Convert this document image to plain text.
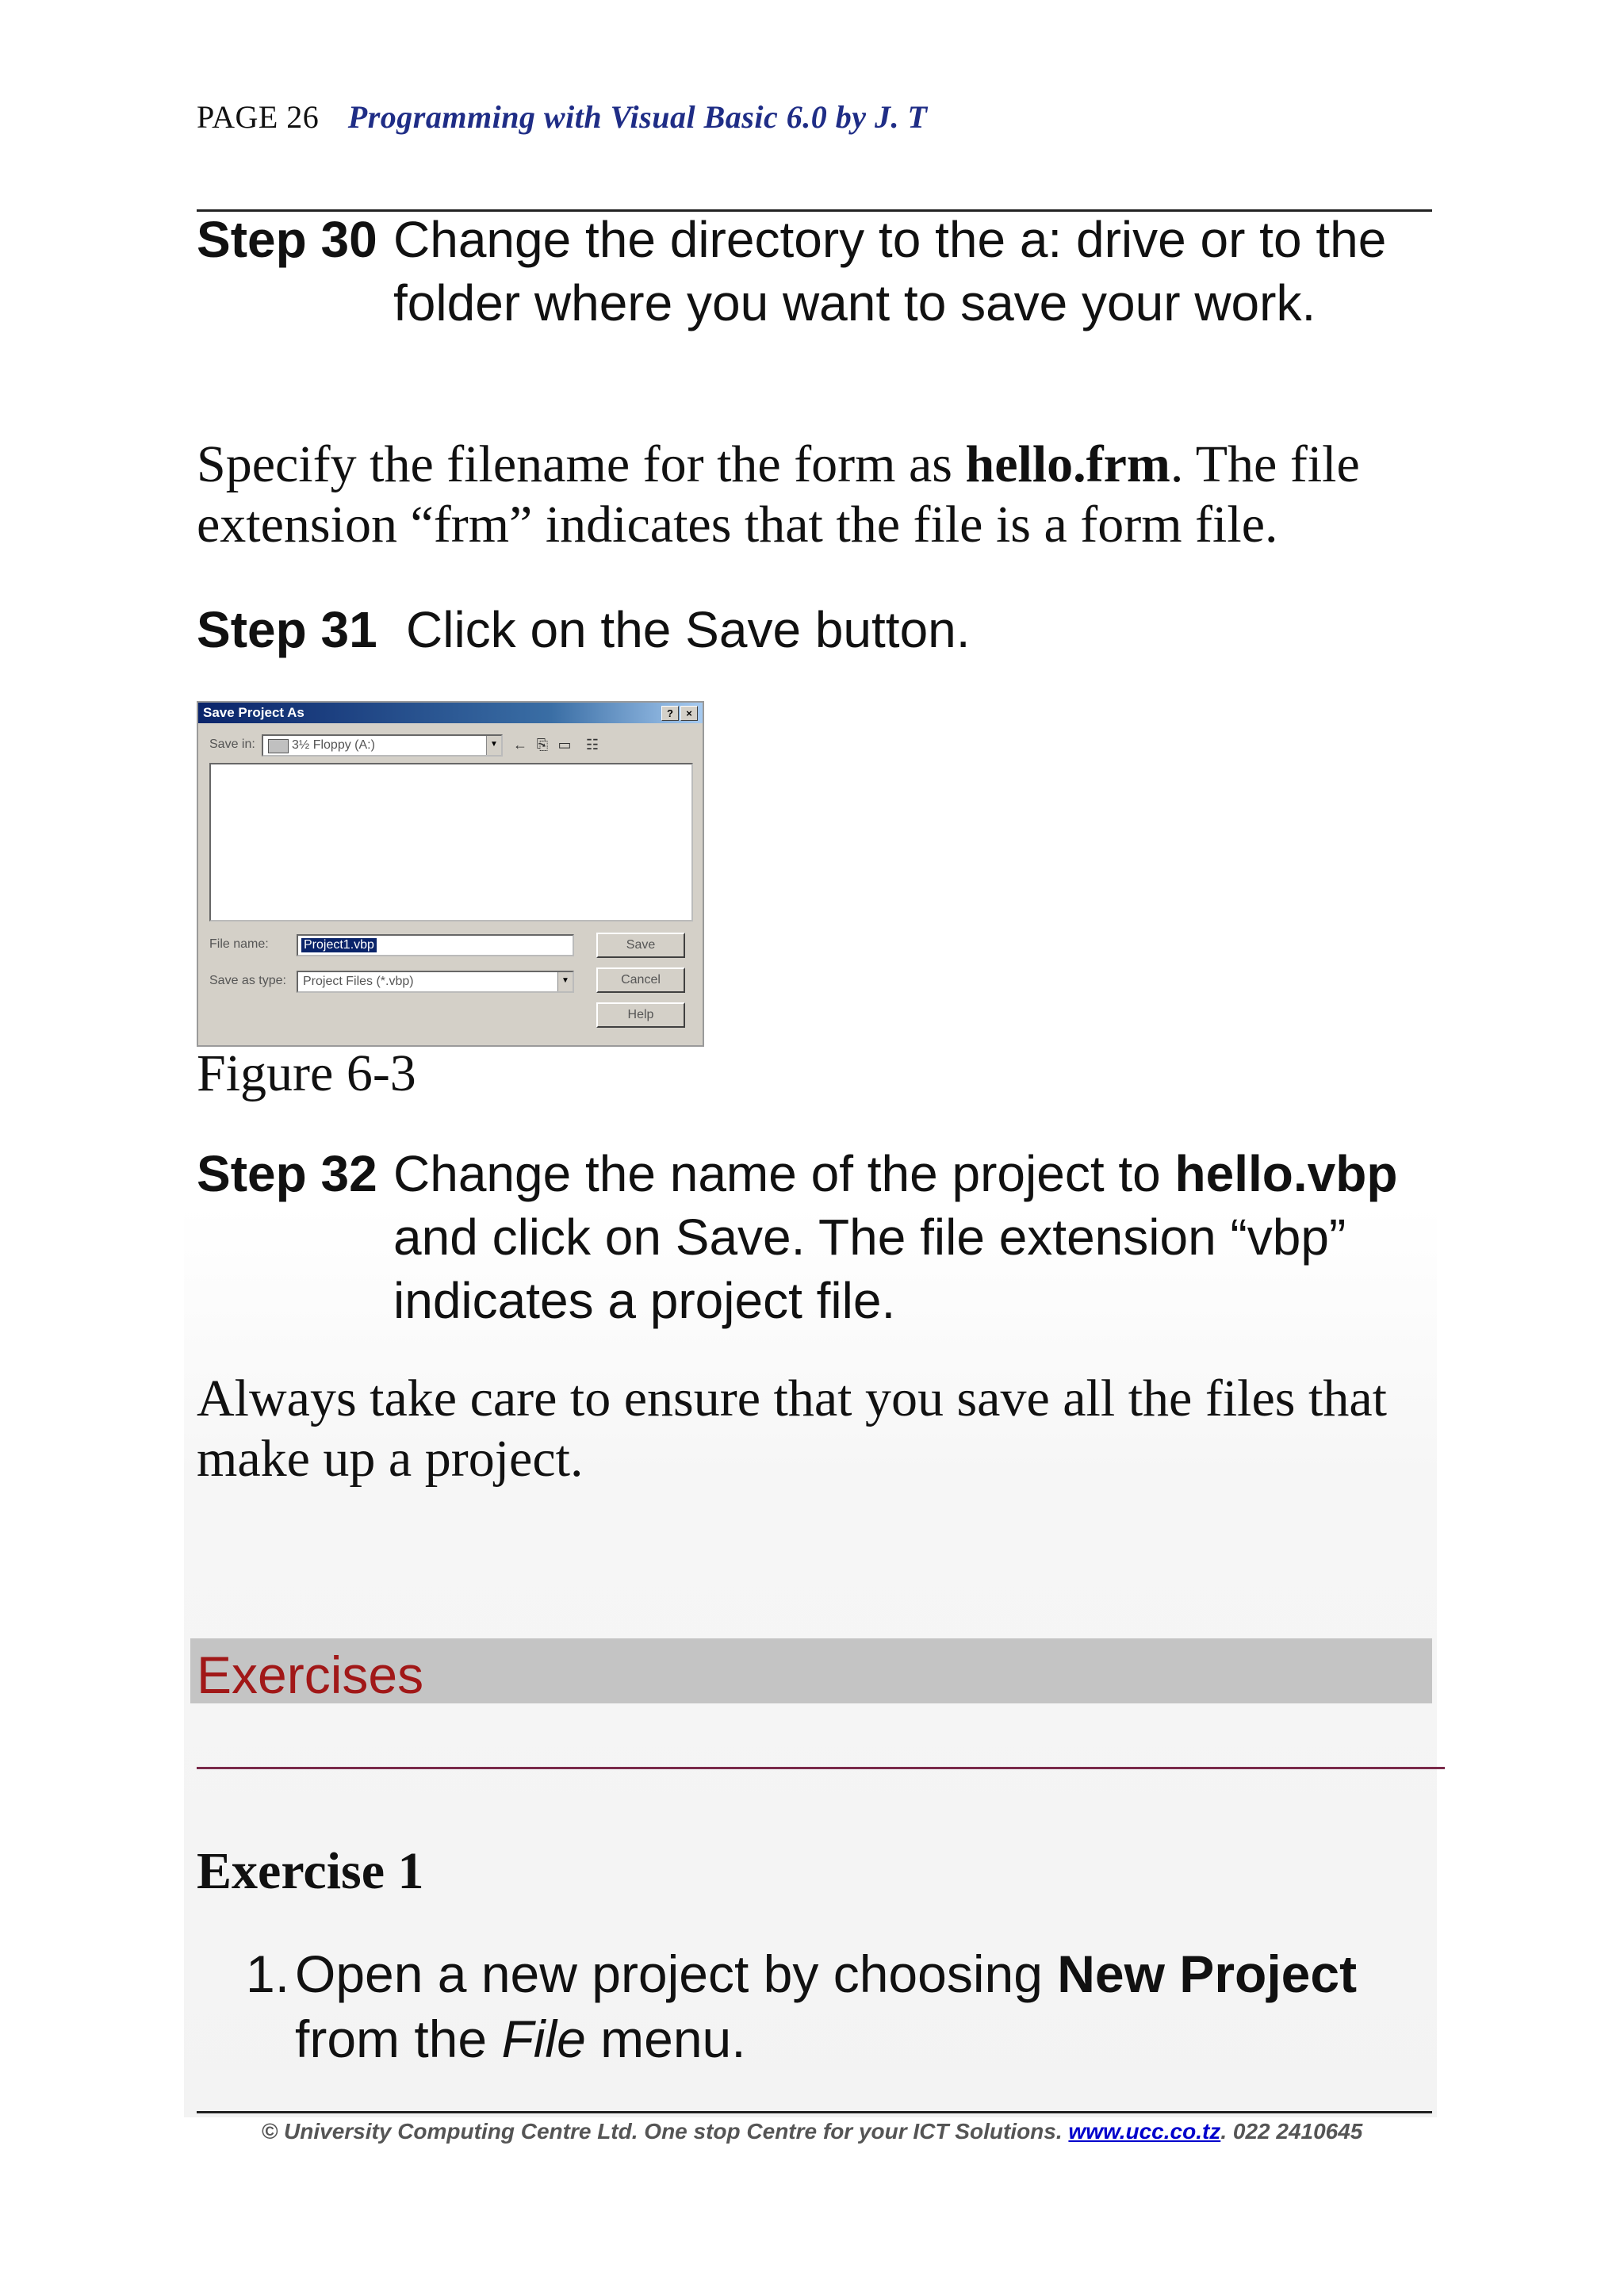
PAGE 26 Programming with Visual Basic 6.0 by J. T
Step 30 Change the directory to the a: drive or to the folder where you want to save your work.
Specify the filename for the form as hello.frm. The file extension “frm” indicates that the file is a form file.
Step 31 Click on the Save button.
Save Project As	?	×
Save in:	3½ Floppy (A:)	▼ ← ⎘ ▭	☷
File name:	Project1.vbp
Save as type: Project Files (*.vbp)	▼
Save
Cancel
Help
Figure 6-3
Step 32 Change the name of the project to hello.vbp and click on Save. The file extension “vbp” indicates a project file.
Always take care to ensure that you save all the files that make up a project.
Exercises
Exercise 1
1. Open a new project by choosing New Project from the File menu.
© University Computing Centre Ltd. One stop Centre for your ICT Solutions. www.ucc.co.tz. 022 2410645
